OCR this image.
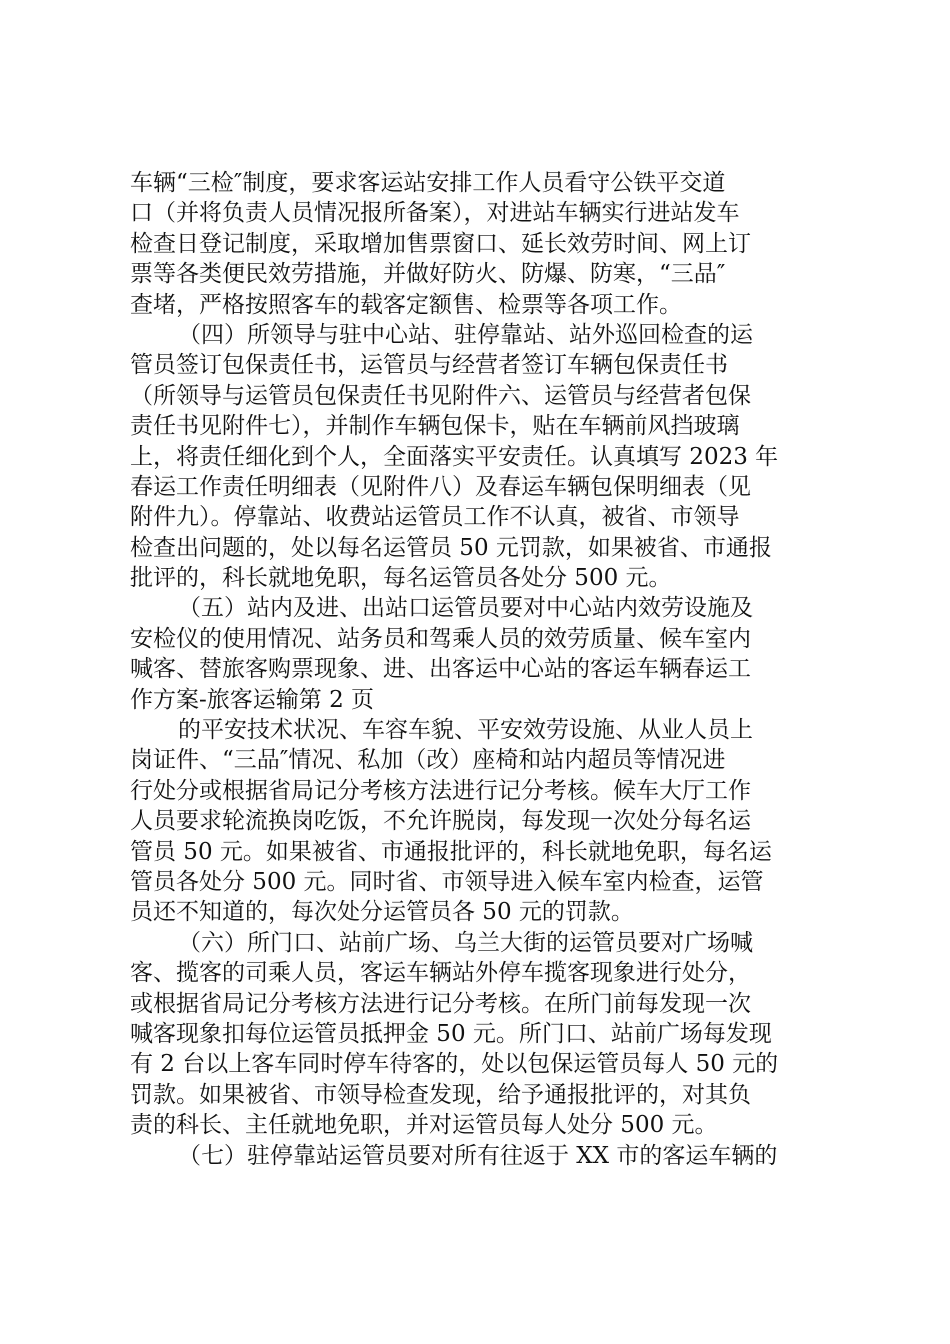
车辆“三检″制度，要求客运站安排工作人员看守公铁平交道
口（并将负责人员情况报所备案），对进站车辆实行进站发车
检查日登记制度，采取增加售票窗口、延长效劳时间、网上订
票等各类便民效劳措施，并做好防火、防爆、防寒，“三品″
查堵，严格按照客车的载客定额售、检票等各项工作。
（四）所领导与驻中心站、驻停靠站、站外巡回检查的运
管员签订包保责任书，运管员与经营者签订车辆包保责任书
（所领导与运管员包保责任书见附件六、运管员与经营者包保
责任书见附件七），并制作车辆包保卡，贴在车辆前风挡玻璃
上，将责任细化到个人，全面落实平安责任。认真填写 2023 年
春运工作责任明细表（见附件八）及春运车辆包保明细表（见
附件九）。停靠站、收费站运管员工作不认真，被省、市领导
检查出问题的，处以每名运管员 50 元罚款，如果被省、市通报
批评的，科长就地免职，每名运管员各处分 500 元。
（五）站内及进、出站口运管员要对中心站内效劳设施及
安检仪的使用情况、站务员和驾乘人员的效劳质量、候车室内
喊客、替旅客购票现象、进、出客运中心站的客运车辆春运工
作方案-旅客运输第 2 页
的平安技术状况、车容车貌、平安效劳设施、从业人员上
岗证件、“三品″情况、私加（改）座椅和站内超员等情况进
行处分或根据省局记分考核方法进行记分考核。候车大厅工作
人员要求轮流换岗吃饭，不允许脱岗，每发现一次处分每名运
管员 50 元。如果被省、市通报批评的，科长就地免职，每名运
管员各处分 500 元。同时省、市领导进入候车室内检查，运管
员还不知道的，每次处分运管员各 50 元的罚款。
（六）所门口、站前广场、乌兰大街的运管员要对广场喊
客、揽客的司乘人员，客运车辆站外停车揽客现象进行处分，
或根据省局记分考核方法进行记分考核。在所门前每发现一次
喊客现象扣每位运管员抵押金 50 元。所门口、站前广场每发现
有 2 台以上客车同时停车待客的，处以包保运管员每人 50 元的
罚款。如果被省、市领导检查发现，给予通报批评的，对其负
责的科长、主任就地免职，并对运管员每人处分 500 元。
（七）驻停靠站运管员要对所有往返于 XX 市的客运车辆的
